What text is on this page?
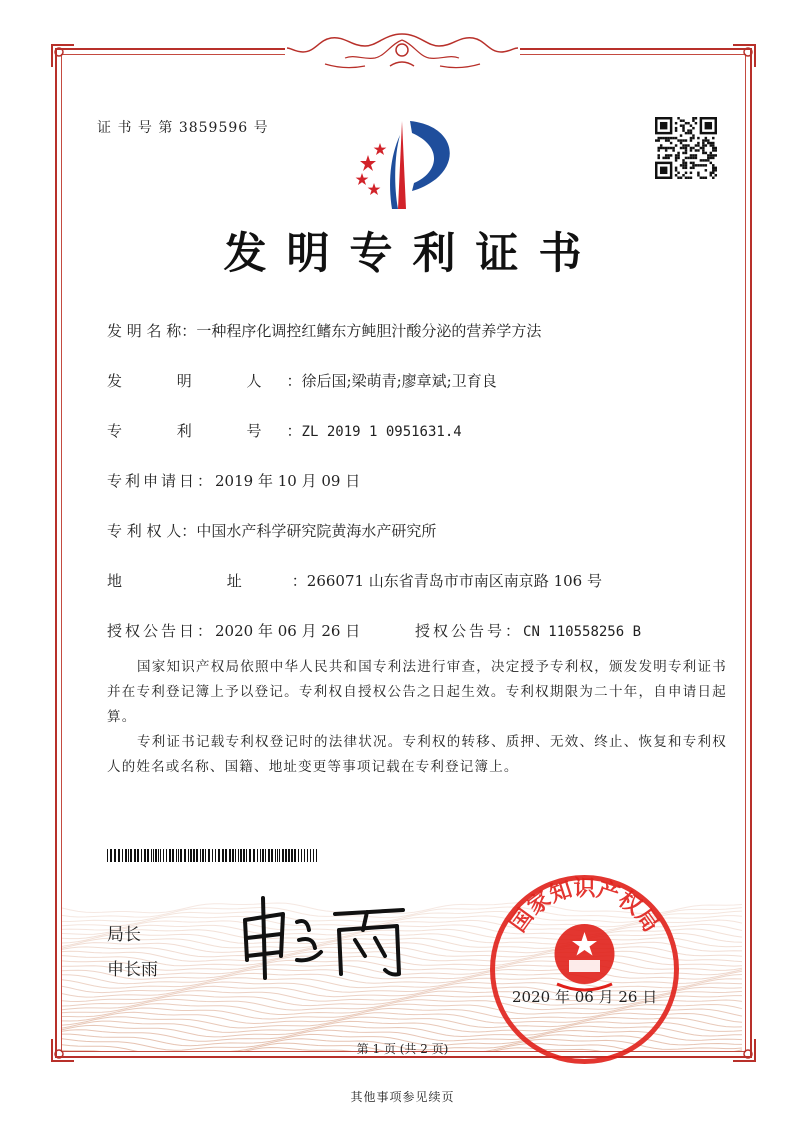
证 书 号 第 3859596 号
发明专利证书
发 明 名 称：一种程序化调控红鳍东方鲀胆汁酸分泌的营养学方法
发 明 人：徐后国;梁萌青;廖章斌;卫育良
专 利 号：ZL 2019 1 0951631.4
专利申请日：2019 年 10 月 09 日
专 利 权 人：中国水产科学研究院黄海水产研究所
地 址：266071 山东省青岛市市南区南京路 106 号
授权公告日：2020 年 06 月 26 日	授权公告号：CN 110558256 B

国家知识产权局依照中华人民共和国专利法进行审查，决定授予专利权，颁发发明专利证书并在专利登记簿上予以登记。专利权自授权公告之日起生效。专利权期限为二十年，自申请日起算。

专利证书记载专利权登记时的法律状况。专利权的转移、质押、无效、终止、恢复和专利权人的姓名或名称、国籍、地址变更等事项记载在专利登记簿上。

局长
申长雨
国家知识产权局
2020 年 06 月 26 日
第 1 页 (共 2 页)
其他事项参见续页
